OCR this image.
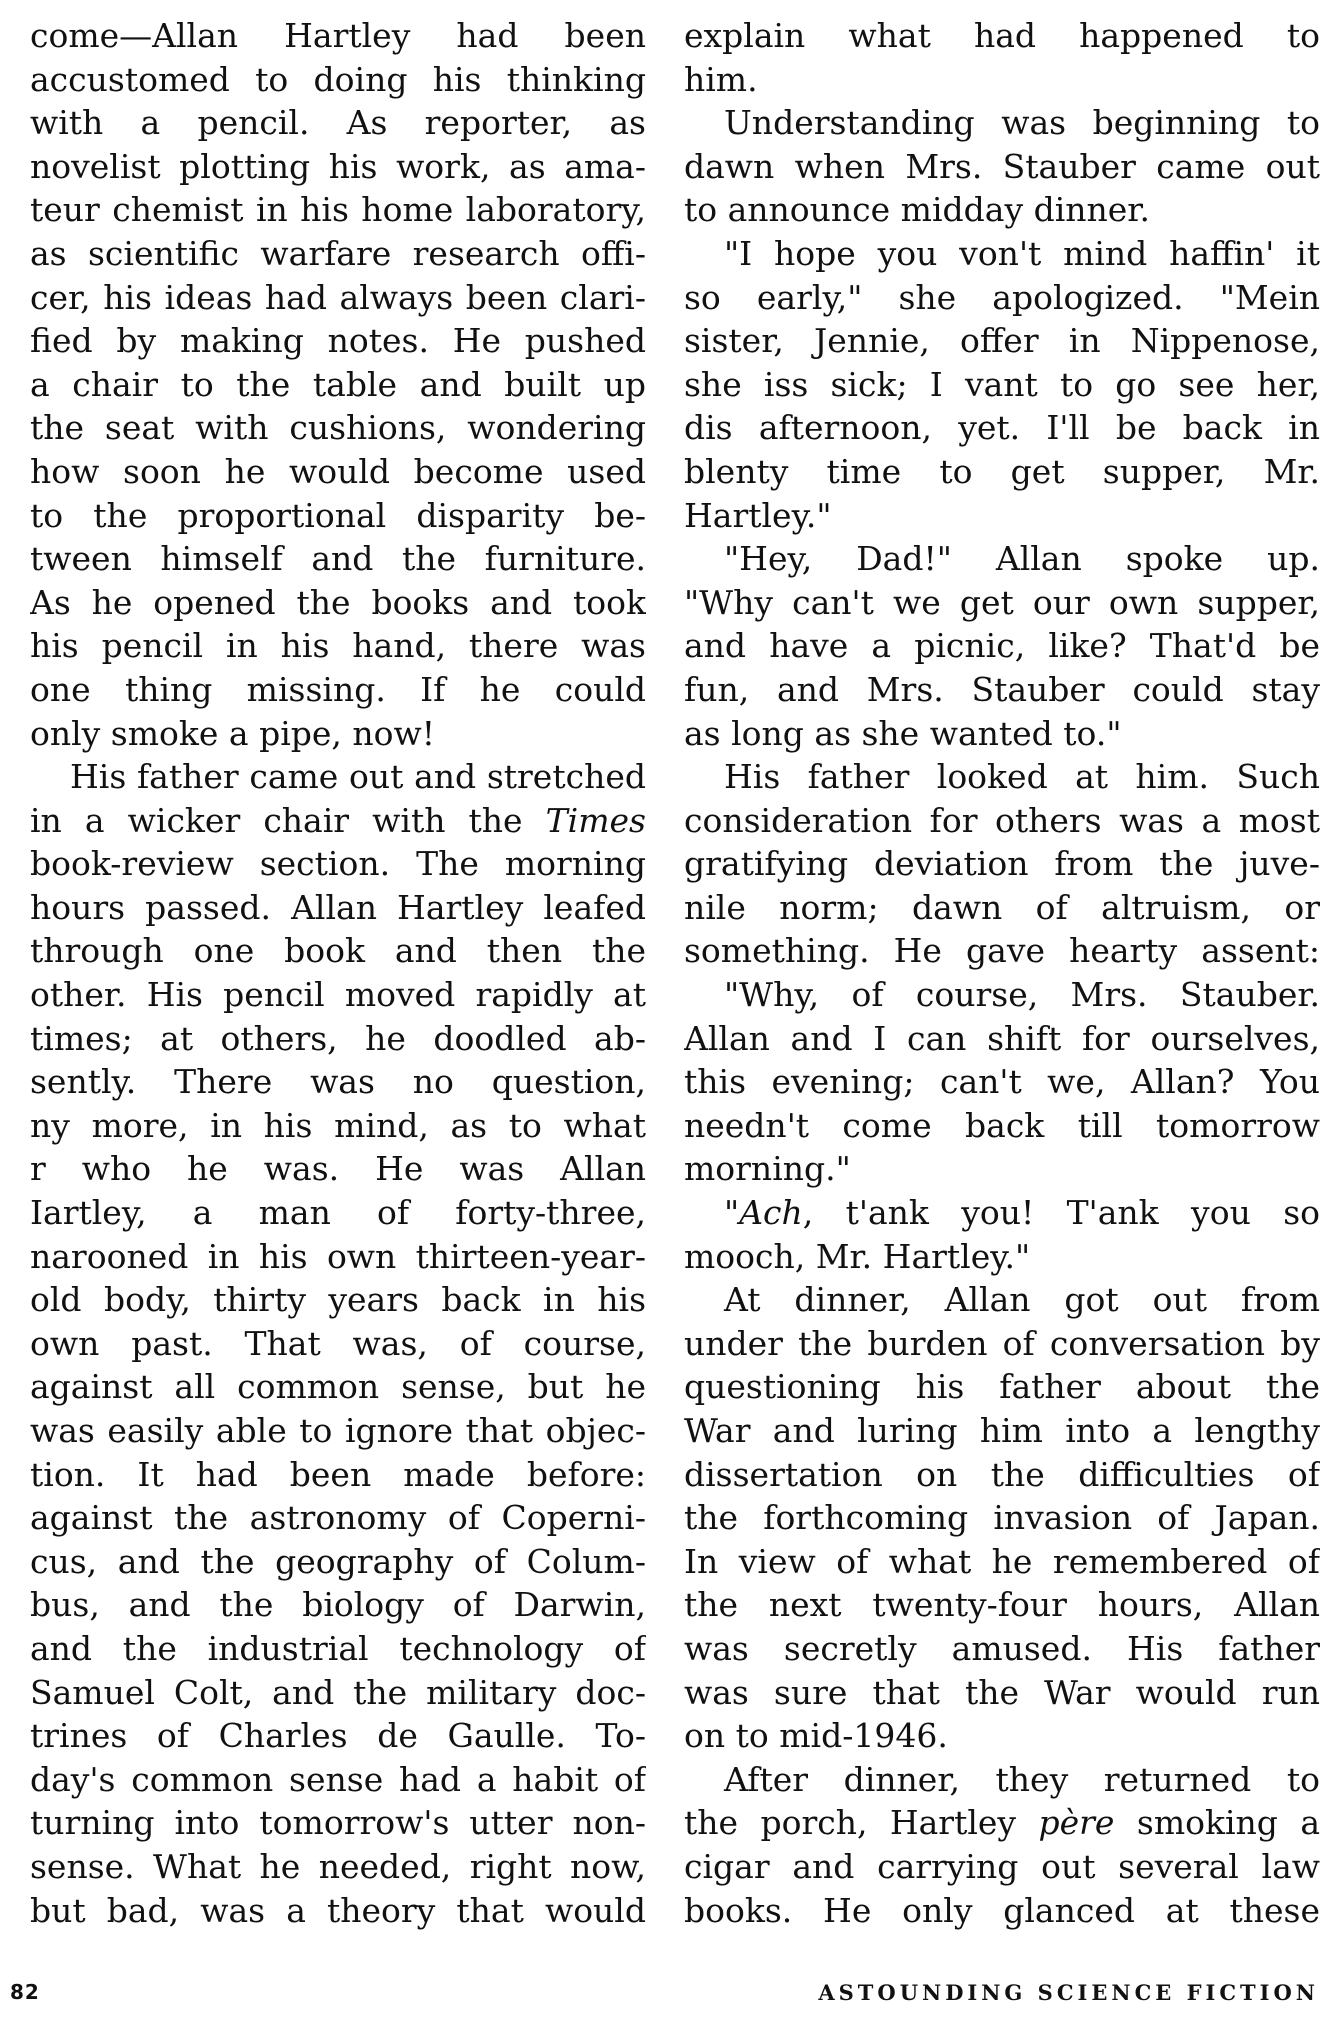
come—Allan Hartley had been
accustomed to doing his thinking
with a pencil. As reporter, as
novelist plotting his work, as ama-
teur chemist in his home laboratory,
as scientific warfare research offi-
cer, his ideas had always been clari-
fied by making notes. He pushed
a chair to the table and built up
the seat with cushions, wondering
how soon he would become used
to the proportional disparity be-
tween himself and the furniture.
As he opened the books and took
his pencil in his hand, there was
one thing missing. If he could
only smoke a pipe, now!
His father came out and stretched
in a wicker chair with the Times
book-review section. The morning
hours passed. Allan Hartley leafed
through one book and then the
other. His pencil moved rapidly at
times; at others, he doodled ab-
sently. There was no question,
ny more, in his mind, as to what
r who he was. He was Allan
Iartley, a man of forty-three,
narooned in his own thirteen-year-
old body, thirty years back in his
own past. That was, of course,
against all common sense, but he
was easily able to ignore that objec-
tion. It had been made before:
against the astronomy of Coperni-
cus, and the geography of Colum-
bus, and the biology of Darwin,
and the industrial technology of
Samuel Colt, and the military doc-
trines of Charles de Gaulle. To-
day's common sense had a habit of
turning into tomorrow's utter non-
sense. What he needed, right now,
but bad, was a theory that would
explain what had happened to
him.
Understanding was beginning to
dawn when Mrs. Stauber came out
to announce midday dinner.
"I hope you von't mind haffin' it
so early," she apologized. "Mein
sister, Jennie, offer in Nippenose,
she iss sick; I vant to go see her,
dis afternoon, yet. I'll be back in
blenty time to get supper, Mr.
Hartley."
"Hey, Dad!" Allan spoke up.
"Why can't we get our own supper,
and have a picnic, like? That'd be
fun, and Mrs. Stauber could stay
as long as she wanted to."
His father looked at him. Such
consideration for others was a most
gratifying deviation from the juve-
nile norm; dawn of altruism, or
something. He gave hearty assent:
"Why, of course, Mrs. Stauber.
Allan and I can shift for ourselves,
this evening; can't we, Allan? You
needn't come back till tomorrow
morning."
"Ach, t'ank you! T'ank you so
mooch, Mr. Hartley."
At dinner, Allan got out from
under the burden of conversation by
questioning his father about the
War and luring him into a lengthy
dissertation on the difficulties of
the forthcoming invasion of Japan.
In view of what he remembered of
the next twenty-four hours, Allan
was secretly amused. His father
was sure that the War would run
on to mid-1946.
After dinner, they returned to
the porch, Hartley père smoking a
cigar and carrying out several law
books. He only glanced at these
82	ASTOUNDING SCIENCE FICTION
